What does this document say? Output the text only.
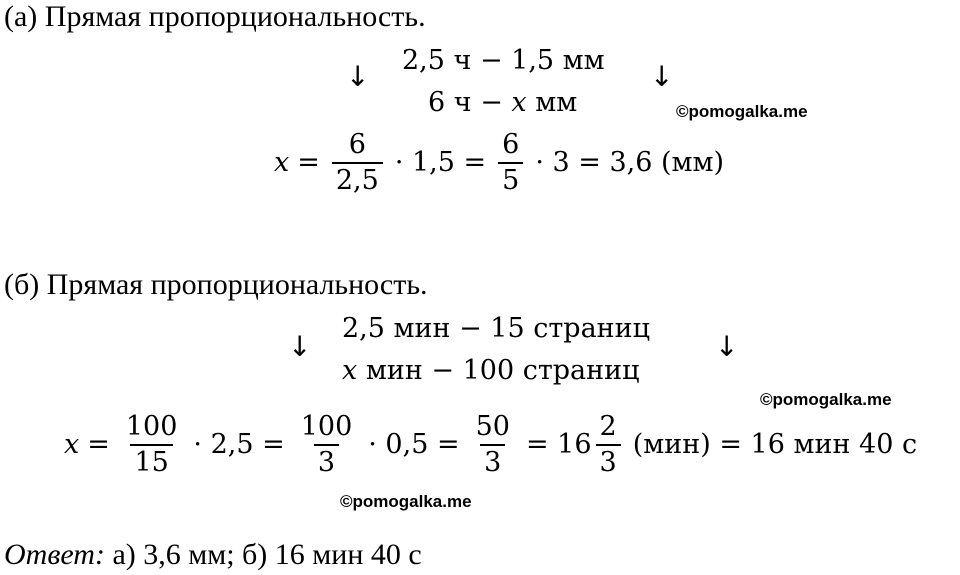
(а) Прямая пропорциональность.
↓ 2,5 ч − 1,5 мм
6 ч − x мм
↓
©pomogalka.me
$x = \frac{6}{2,5} \cdot 1,5 = \frac{6}{5} \cdot 3 = 3,6$ (мм)
(б) Прямая пропорциональность.
↓
2,5 мин − 15 страниц
x мин − 100 страниц
↓
©pomogalka.me
$x = \frac{100}{15} \cdot 2,5 = \frac{100}{3} \cdot 0,5 = \frac{50}{3} = 16 \frac{2}{3} (мин) = 16$ мин 40 с
©pomogalka.me
Ответ: а) 3,6 мм; б) 16 мин 40 с
